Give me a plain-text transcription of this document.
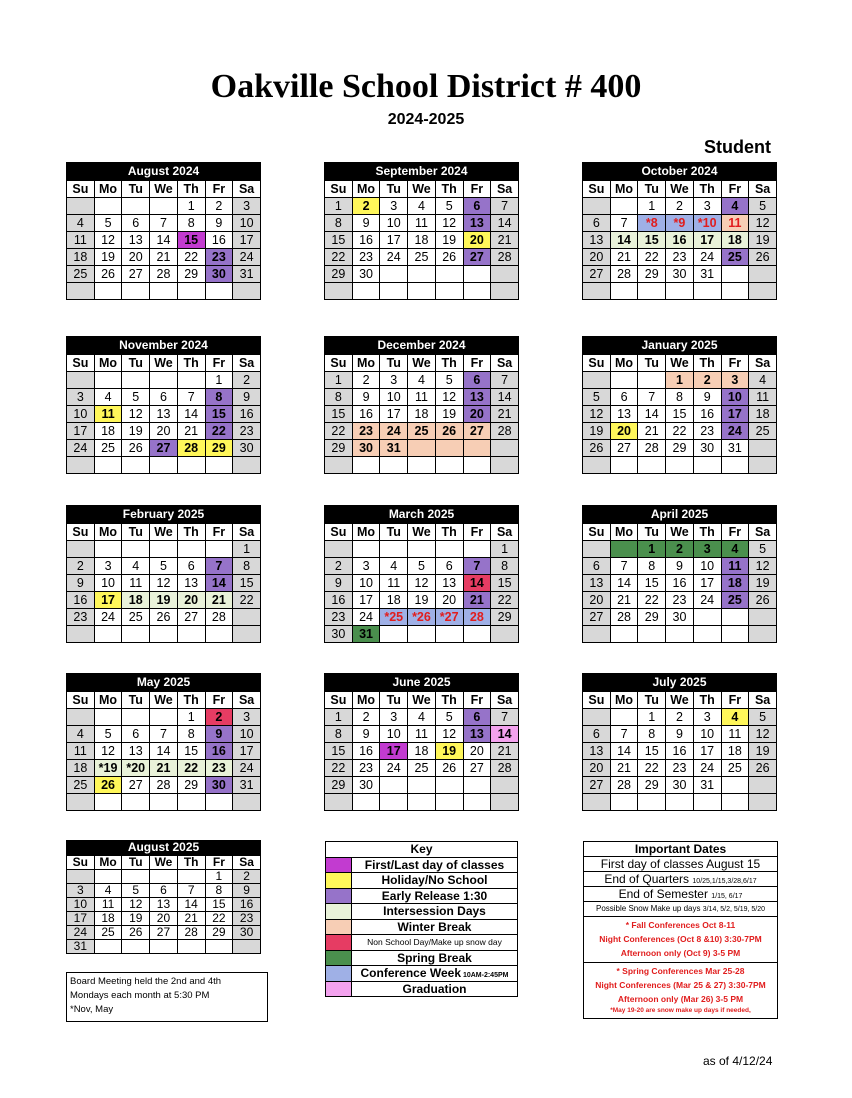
Oakville School District # 400
2024-2025
Student
August 2024
Su	Mo	Tu	We	Th	Fr	Sa
				1	2	3
4	5	6	7	8	9	10
11	12	13	14	15	16	17
18	19	20	21	22	23	24
25	26	27	28	29	30	31

September 2024
Su	Mo	Tu	We	Th	Fr	Sa
1	2	3	4	5	6	7
8	9	10	11	12	13	14
15	16	17	18	19	20	21
22	23	24	25	26	27	28
29	30					

October 2024
Su	Mo	Tu	We	Th	Fr	Sa
		1	2	3	4	5
6	7	*8	*9	*10	11	12
13	14	15	16	17	18	19
20	21	22	23	24	25	26
27	28	29	30	31		

November 2024
Su	Mo	Tu	We	Th	Fr	Sa
					1	2
3	4	5	6	7	8	9
10	11	12	13	14	15	16
17	18	19	20	21	22	23
24	25	26	27	28	29	30

December 2024
Su	Mo	Tu	We	Th	Fr	Sa
1	2	3	4	5	6	7
8	9	10	11	12	13	14
15	16	17	18	19	20	21
22	23	24	25	26	27	28
29	30	31				

January 2025
Su	Mo	Tu	We	Th	Fr	Sa
			1	2	3	4
5	6	7	8	9	10	11
12	13	14	15	16	17	18
19	20	21	22	23	24	25
26	27	28	29	30	31	

February 2025
Su	Mo	Tu	We	Th	Fr	Sa
						1
2	3	4	5	6	7	8
9	10	11	12	13	14	15
16	17	18	19	20	21	22
23	24	25	26	27	28	

March 2025
Su	Mo	Tu	We	Th	Fr	Sa
						1
2	3	4	5	6	7	8
9	10	11	12	13	14	15
16	17	18	19	20	21	22
23	24	*25	*26	*27	28	29
30	31					
April 2025
Su	Mo	Tu	We	Th	Fr	Sa
		1	2	3	4	5
6	7	8	9	10	11	12
13	14	15	16	17	18	19
20	21	22	23	24	25	26
27	28	29	30			

May 2025
Su	Mo	Tu	We	Th	Fr	Sa
				1	2	3
4	5	6	7	8	9	10
11	12	13	14	15	16	17
18	*19	*20	21	22	23	24
25	26	27	28	29	30	31

June 2025
Su	Mo	Tu	We	Th	Fr	Sa
1	2	3	4	5	6	7
8	9	10	11	12	13	14
15	16	17	18	19	20	21
22	23	24	25	26	27	28
29	30					

July 2025
Su	Mo	Tu	We	Th	Fr	Sa
		1	2	3	4	5
6	7	8	9	10	11	12
13	14	15	16	17	18	19
20	21	22	23	24	25	26
27	28	29	30	31		

August 2025
Su	Mo	Tu	We	Th	Fr	Sa
					1	2
3	4	5	6	7	8	9
10	11	12	13	14	15	16
17	18	19	20	21	22	23
24	25	26	27	28	29	30
31						
Board Meeting held the 2nd and 4th
Mondays each month at 5:30 PM
*Nov, May
Key
First/Last day of classes
Holiday/No School
Early Release 1:30
Intersession Days
Winter Break
Non School Day/Make up snow day
Spring Break
Conference Week 10AM-2:45PM
Graduation
Important Dates
First day of classes August 15
End of Quarters 10/25,1/15,3/28,6/17
End of Semester 1/15, 6/17
Possible Snow Make up days 3/14, 5/2, 5/19, 5/20
* Fall Conferences Oct 8-11
Night Conferences (Oct 8 &10) 3:30-7PM
Afternoon only (Oct 9) 3-5 PM
* Spring Conferences Mar 25-28
Night Conferences (Mar 25 & 27) 3:30-7PM
Afternoon only (Mar 26) 3-5 PM
*May 19-20 are snow make up days if needed,
as of 4/12/24
